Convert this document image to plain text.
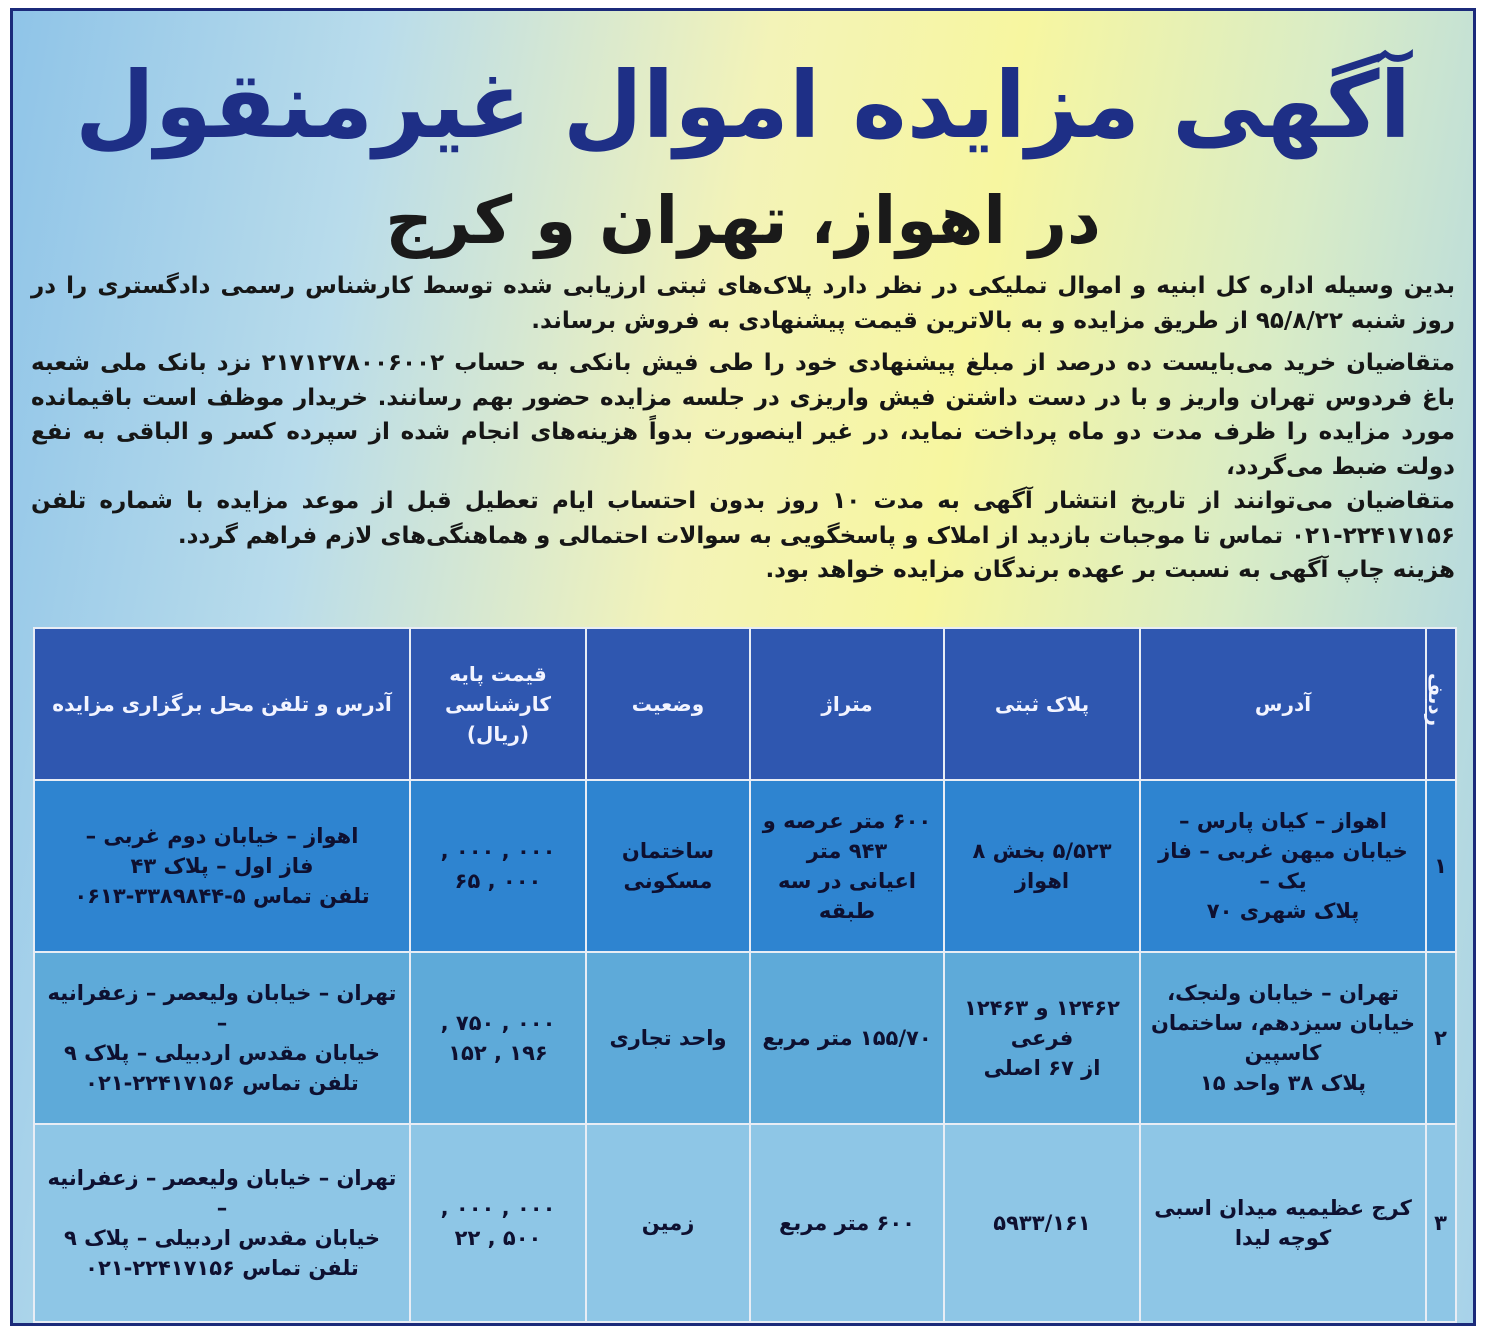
آگهی مزایده اموال غیرمنقول
در اهواز، تهران و کرج

بدین وسیله اداره کل ابنیه و اموال تملیکی در نظر دارد پلاک‌های ثبتی ارزیابی شده توسط کارشناس رسمی دادگستری را در روز شنبه ۹۵/۸/۲۲ از طریق مزایده و به بالاترین قیمت پیشنهادی به فروش برساند.

متقاضیان خرید می‌بایست ده درصد از مبلغ پیشنهادی خود را طی فیش بانکی به حساب ۲۱۷۱۲۷۸۰۰۶۰۰۲ نزد بانک ملی شعبه باغ فردوس تهران واریز و با در دست داشتن فیش واریزی در جلسه مزایده حضور بهم رسانند. خریدار موظف است باقیمانده مورد مزایده را ظرف مدت دو ماه پرداخت نماید، در غیر اینصورت بدواً هزینه‌های انجام شده از سپرده کسر و الباقی به نفع دولت ضبط می‌گردد،

متقاضیان می‌توانند از تاریخ انتشار آگهی به مدت ۱۰ روز بدون احتساب ایام تعطیل قبل از موعد مزایده با شماره تلفن ۲۲۴۱۷۱۵۶-۰۲۱ تماس تا موجبات بازدید از املاک و پاسخگویی به سوالات احتمالی و هماهنگی‌های لازم فراهم گردد.

هزینه چاپ آگهی به نسبت بر عهده برندگان مزایده خواهد بود.

ردیف	آدرس	پلاک ثبتی	متراژ	وضعیت	قیمت پایه
کارشناسی (ریال)	آدرس و تلفن محل برگزاری مزایده
۱	اهواز – کیان پارس –
خیابان میهن غربی – فاز یک –
پلاک شهری ۷۰	۵/۵۲۳ بخش ۸
اهواز	۶۰۰ متر عرصه و ۹۴۳ متر
اعیانی در سه طبقه	ساختمان مسکونی	۰۰۰ , ۰۰۰ , ۰۰۰ , ۶۵	اهواز – خیابان دوم غربی –
فاز اول – پلاک ۴۳
تلفن تماس ۵-۳۳۸۹۸۴۴-۰۶۱۳

۲	تهران – خیابان ولنجک،
خیابان سیزدهم، ساختمان کاسپین
پلاک ۳۸ واحد ۱۵	۱۲۴۶۲ و ۱۲۴۶۳ فرعی
از ۶۷ اصلی	۱۵۵/۷۰ متر مربع	واحد تجاری	۰۰۰ , ۷۵۰ , ۱۹۶ , ۱۵۲	تهران – خیابان ولیعصر – زعفرانیه –
خیابان مقدس اردبیلی – پلاک ۹
تلفن تماس ۲۲۴۱۷۱۵۶-۰۲۱

۳	کرج عظیمیه میدان اسبی
کوچه لیدا	۵۹۳۳/۱۶۱	۶۰۰ متر مربع	زمین	۰۰۰ , ۰۰۰ , ۵۰۰ , ۲۲	تهران – خیابان ولیعصر – زعفرانیه –
خیابان مقدس اردبیلی – پلاک ۹
تلفن تماس ۲۲۴۱۷۱۵۶-۰۲۱
